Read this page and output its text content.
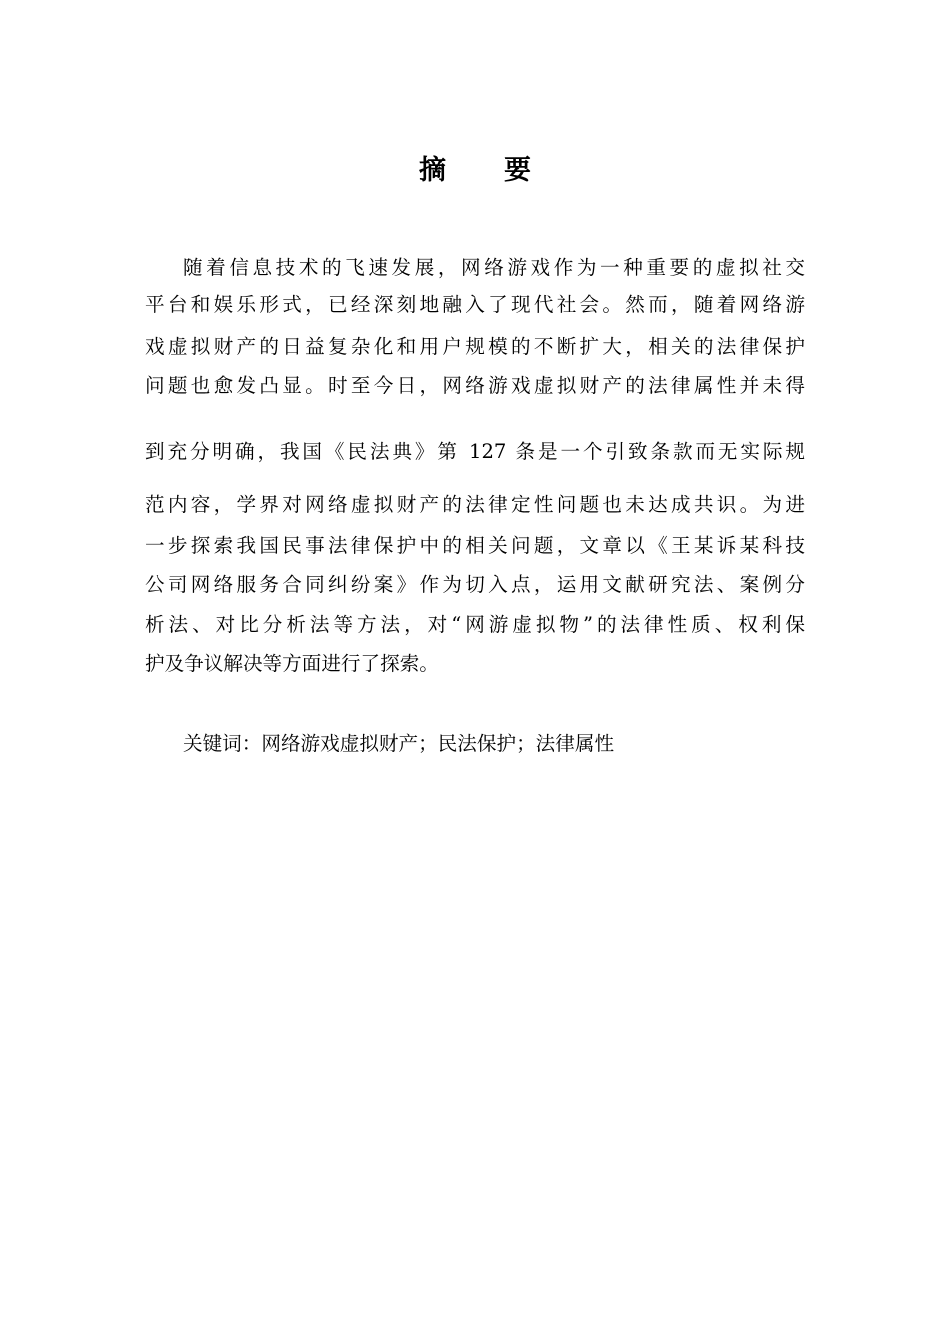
摘 要
随着信息技术的飞速发展，网络游戏作为一种重要的虚拟社交
平台和娱乐形式，已经深刻地融入了现代社会。然而，随着网络游
戏虚拟财产的日益复杂化和用户规模的不断扩大，相关的法律保护
问题也愈发凸显。时至今日，网络游戏虚拟财产的法律属性并未得
到充分明确，我国《民法典》第 127 条是一个引致条款而无实际规
范内容，学界对网络虚拟财产的法律定性问题也未达成共识。为进
一步探索我国民事法律保护中的相关问题，文章以《王某诉某科技
公司网络服务合同纠纷案》作为切入点，运用文献研究法、案例分
析法、对比分析法等方法，对“网游虚拟物”的法律性质、权利保
护及争议解决等方面进行了探索。
关键词：网络游戏虚拟财产；民法保护；法律属性
